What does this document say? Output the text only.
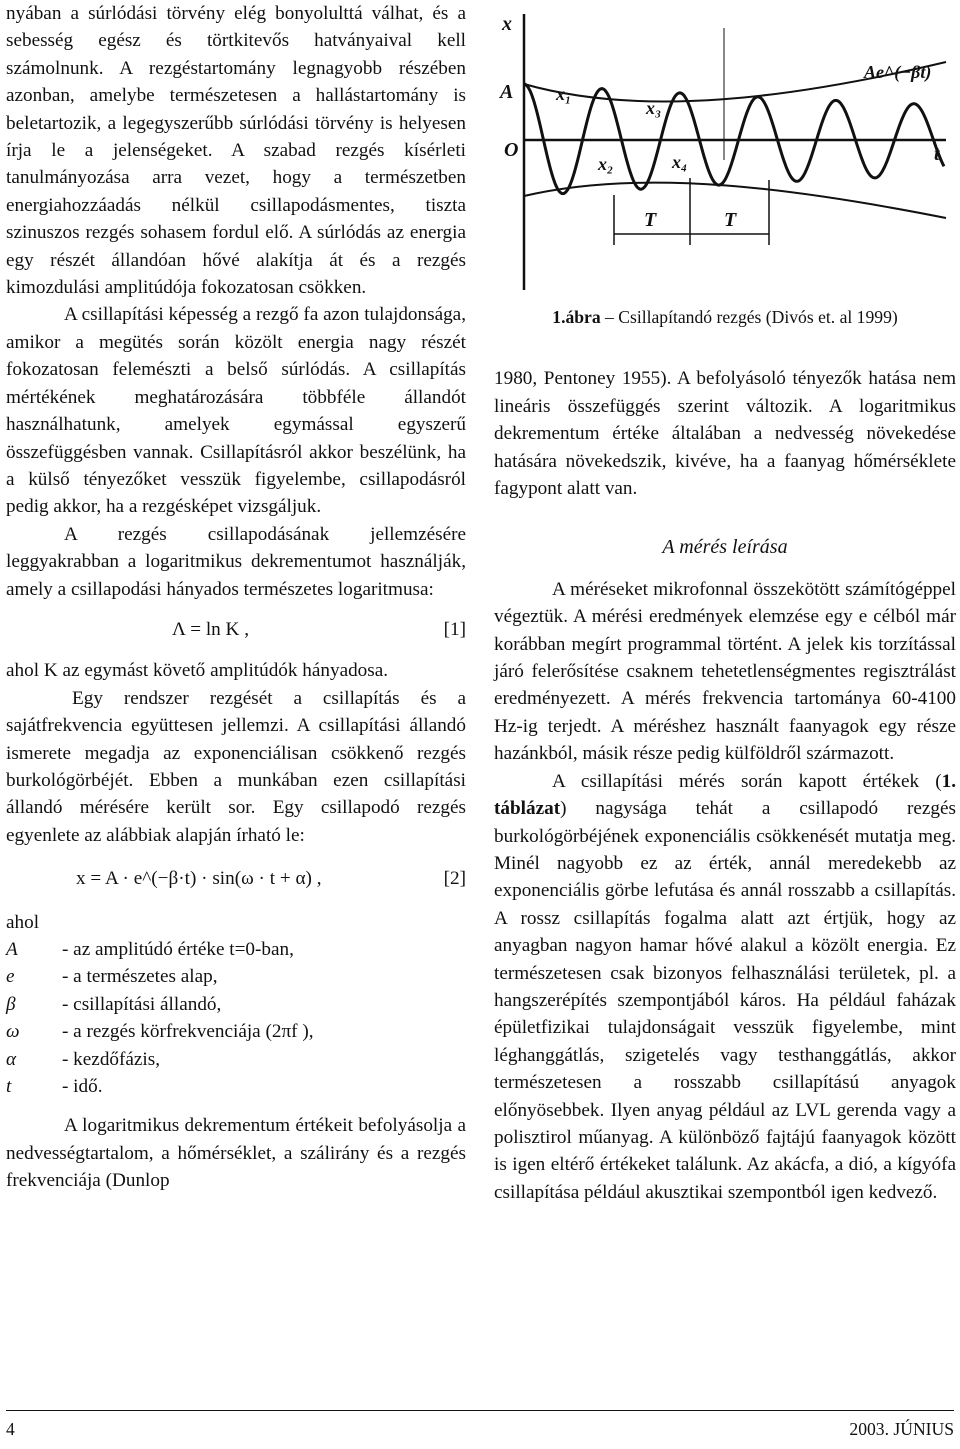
nyában a súrlódási törvény elég bonyolulttá válhat, és a sebesség egész és törtkitevős hatványaival kell számolnunk. A rezgéstartomány legnagyobb részében azonban, amelybe természetesen a hallástartomány is beletartozik, a legegyszerűbb súrlódási törvény is helyesen írja le a jelenségeket. A szabad rezgés kísérleti tanulmányozása arra vezet, hogy a természetben energiahozzáadás nélkül csillapodásmentes, tiszta szinuszos rezgés sohasem fordul elő. A súrlódás az energia egy részét állandóan hővé alakítja át és a rezgés kimozdulási amplitúdója fokozatosan csökken.

A csillapítási képesség a rezgő fa azon tulajdonsága, amikor a megütés során közölt energia nagy részét fokozatosan felemészti a belső súrlódás. A csillapítás mértékének meghatározására többféle állandót használhatunk, amelyek egymással egyszerű összefüggésben vannak. Csillapításról akkor beszélünk, ha a külső tényezőket vesszük figyelembe, csillapodásról pedig akkor, ha a rezgésképet vizsgáljuk.

A rezgés csillapodásának jellemzésére leggyakrabban a logaritmikus dekrementumot használják, amely a csillapodási hányados természetes logaritmusa:

Λ = ln K ,	[1]

ahol K az egymást követő amplitúdók hányadosa.

Egy rendszer rezgését a csillapítás és a sajátfrekvencia együttesen jellemzi. A csillapítási állandó ismerete megadja az exponenciálisan csökkenő rezgés burkológörbéjét. Ebben a munkában ezen csillapítási állandó mérésére került sor. Egy csillapodó rezgés egyenlete az alábbiak alapján írható le:

x = A · e^(−β·t) · sin(ω · t + α) ,	[2]

ahol

A - az amplitúdó értéke t=0-ban,
e - a természetes alap,
β - csillapítási állandó,
ω - a rezgés körfrekvenciája (2πf ),
α - kezdőfázis,
t	- idő.

A logaritmikus dekrementum értékeit befolyásolja a nedvességtartalom, a hőmérséklet, a szálirány és a rezgés frekvenciája (Dunlop

x
A
O	t
x₁
x₃
x₂	x₄
T	T
Ae^(−βt)

1.ábra – Csillapítandó rezgés (Divós et. al 1999)

1980, Pentoney 1955). A befolyásoló tényezők hatása nem lineáris összefüggés szerint változik. A logaritmikus dekrementum értéke általában a nedvesség növekedése hatására növekedszik, kivéve, ha a faanyag hőmérséklete fagypont alatt van.

A mérés leírása

A méréseket mikrofonnal összekötött számítógéppel végeztük. A mérési eredmények elemzése egy e célból már korábban megírt programmal történt. A jelek kis torzítással járó felerősítése csaknem tehetetlenségmentes regisztrálást eredményezett. A mérés frekvencia tartománya 60-4100 Hz-ig terjedt. A méréshez használt faanyagok egy része hazánkból, másik része pedig külföldről származott.

A csillapítási mérés során kapott értékek (1. táblázat) nagysága tehát a csillapodó rezgés burkológörbéjének exponenciális csökkenését mutatja meg. Minél nagyobb ez az érték, annál meredekebb az exponenciális görbe lefutása és annál rosszabb a csillapítás. A rossz csillapítás fogalma alatt azt értjük, hogy az anyagban nagyon hamar hővé alakul a közölt energia. Ez természetesen csak bizonyos felhasználási területek, pl. a hangszerépítés szempontjából káros. Ha például faházak épületfizikai tulajdonságait vesszük figyelembe, mint léghanggátlás, szigetelés vagy testhanggátlás, akkor természetesen a rosszabb csillapítású anyagok előnyösebbek. Ilyen anyag például az LVL gerenda vagy a polisztirol műanyag. A különböző fajtájú faanyagok között is igen eltérő értékeket találunk. Az akácfa, a dió, a kígyófa csillapítása például akusztikai szempontból igen kedvező.

4	2003. JÚNIUS
